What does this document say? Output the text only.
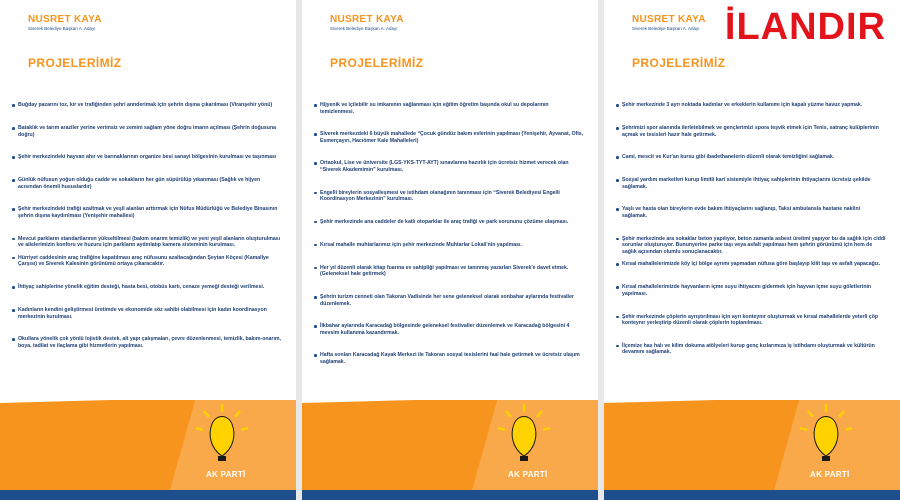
NUSRET KAYA
Siverek Belediye Başkan A. Adayı
PROJELERİMİZ
Buğday pazarını toz, kir ve trafiğinden şehri annderimak için şehrin dışına çıkarılması (Viranşehir yönü)
Bataklık ve tarım araziler yerine verimsiz ve zemini sağlam yöne doğru imarın açılması (Şehrin doğusuna doğru)
Şehir merkezindeki hayvan ahır ve barınaklarının organize besi sanayi bölgesinin kurulması ve taşınması
Günlük nüfusun yoğun olduğu cadde ve sokakların her gün süpürülüp yıkanması (Sağlık ve hijyen acısından önemli hususlardır)
Şehir merkezindeki trafiği azaltmak ve yeşil alanları arttırmak için Nüfus Müdürlüğü ve Belediye Binasının şehrin dışına kaydırılması (Yenişehir mahallesi)
Mevcut parkların standartlarının yükseltilmesi (bakım onarım temizlik) ve yeni yeşil alanların oluşturulması ve ailelerimizin konforu ve huzuru için parkların aydınlatıp kamera sisteminin kurulması.
Hürriyet caddesinin araç trafiğine kapatılması araç nüfusunu azaltacağından Şeytan Köçesi (Kamallye Çarşısı) ve Siverek Kalesinin görünümü ortaya çıkaracaktır.
İhtiyaç sahiplerine yönelik eğitim desteği, hasta besi, otobüs kartı, cenaze yemeği desteği verilmesi.
Kadınların kendini geliştirmesi üretimde ve ekonomide söz sahibi olabilmesi için kadın koordinasyon merkezinin kurulması.
Okullara yönelik çok yönlü lojistik destek, alt yapı çalışmaları, çevre düzenlenmesi, temizlik, bakım-onarım, boya, tadilat ve ilaçlama gibi hizmetlerin yapılması.
AK PARTİ
NUSRET KAYA
Siverek Belediye Başkan A. Adayı
PROJELERİMİZ
Hijyenik ve içilebilir su imkanının sağlanması için eğitim öğretim başında okul su depolarının temizlenmesi.
Siverek merkezdeki 6 büyük mahallede “Çocuk gündüz bakım evlerinin yapılması (Yenişehir, Ayvanat, Ofis, Esmerçayırı, Hacıömer Kale Mahalleleri)
Ortaokul, Lise ve üniversite (LGS-YKS-TYT-AYT) sınavlarına hazırlık için ücretsiz hizmet verecek olan “Siverek Akademimin” kurulması.
Engelli bireylerin sosyalleşmesi ve istihdam olanağının tanınması için “Siverek Belediyesi Engelli Koordinasyon Merkezinin” kurulması.
Şehir merkezinde ana caddeler de katlı otoparklar ile araç trafiği ve park sorununu çözüme ulaşması.
Kırsal mahalle muhtarlarımız için şehir merkezinde Muhtarlar Lokali'nin yapılması.
Her yıl düzenli olarak kitap fuarına ev sahipliği yapılması ve tanınmış yazarları Siverek'e davet etmek. (Geleneksel hale getirmek)
Şehrin turizm cenneti olan Takoran Vadisinde her sene geleneksel olarak sonbahar aylarında festivaller düzenlemek.
İlkbahar aylarında Karacadağ bölgesinde geleneksel festivaller düzenlemek ve Karacadağ bölgesini 4 mevsim kullanıma kazandırmak.
Hafta sonları Karacadağ Kayak Merkezi ile Takoran sosyal tesislerini faal hale getirmek ve ücretsiz ulaşım sağlamak.
AK PARTİ
NUSRET KAYA
Siverek Belediye Başkan A. Adayı
PROJELERİMİZ
Şehir merkezinde 3 ayrı noktada kadınlar ve erkeklerin kullanımı için kapalı yüzme havuz yapmak.
Şehrimizi spor alanında ilerletebilmek ve gençlerimizi spora teşvik etmek için Tenis, satranç kulüplerinin açmak ve tesisleri hazır hale getirmek.
Cami, mescit ve Kur'an kursu gibi ibadethanelerin düzenli olarak temizliğini sağlamak.
Sosyal yardım marketleri kurup limitli kart sistemiyle ihtiyaç sahiplerinin ihtiyaçlarını ücretsiz şekilde sağlamak.
Yaşlı ve hasta olan bireylerin evde bakım ihtiyaçlarını sağlanıp, Taksi ambulansla hastane naklini sağlamak.
Şehir merkezinde ara sokaklar beton yapılıyor, beton zamanla asbest üretimi yapıyor bu da sağlık için ciddi sorunlar oluşturuyor. Bununyerine parke taşı veya asfalt yapılması hem şehrin görünümü için hem de sağlık açısından olumlu sonuçlanacaktır.
Kırsal mahallelerimizde köy içi bölge ayrımı yapmadan nüfusa göre başlayıp kilit taşı ve asfalt yapacağız.
Kırsal mahallelerimizde hayvanların içme suyu ihtiyacını gidermek için hayvan içme suyu göletlerinin yapılması.
Şehir merkezinde çöplerin ayrıştırılması için ayrı konteynır oluşturmak ve kırsal mahallelerde yeterli çöp konteynır yerleştirip düzenli olarak çöplerin toplanılması.
İlçemize has halı ve kilim dokuma atölyeleri kurup genç kızlarımıza iş istihdamı oluşturmak ve kültürün devamını sağlamak.
AK PARTİ
İLANDIR
